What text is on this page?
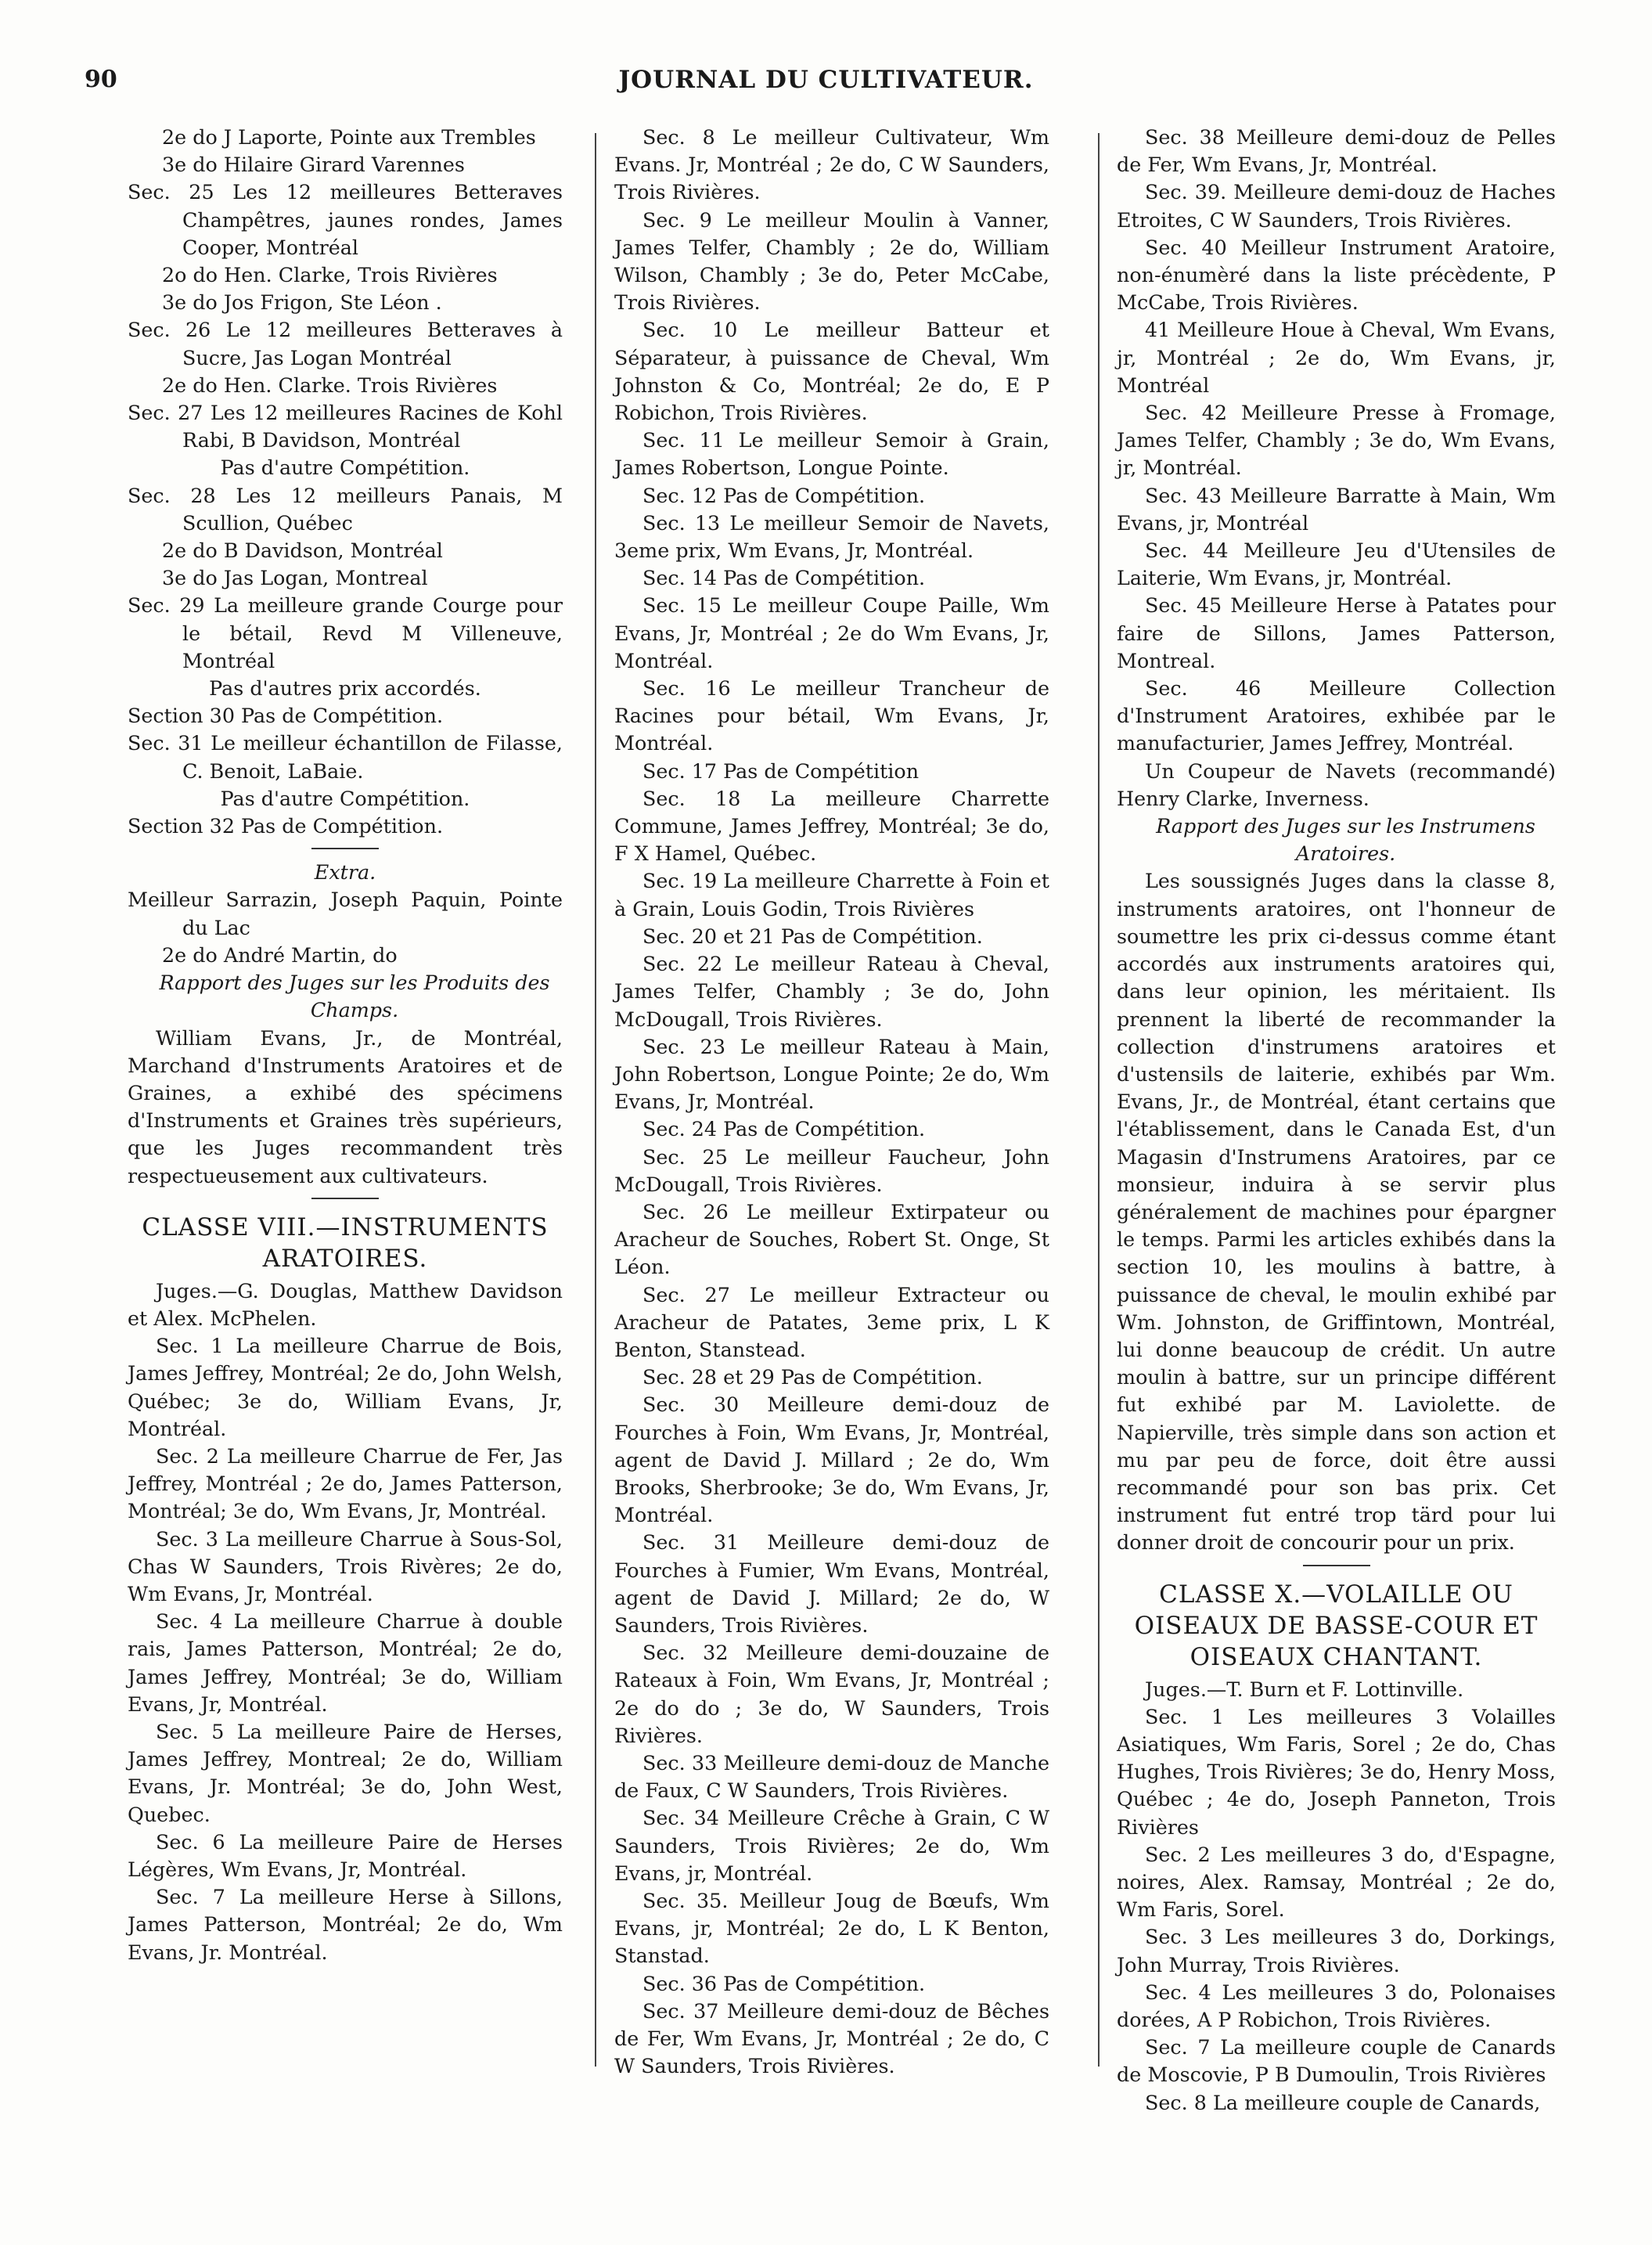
90	JOURNAL DU CULTIVATEUR.

2e do J Laporte, Pointe aux Trembles

3e do Hilaire Girard Varennes

Sec. 25 Les 12 meilleures Betteraves Champêtres, jaunes rondes, James Cooper, Montréal

2o do Hen. Clarke, Trois Rivières

3e do Jos Frigon, Ste Léon .

Sec. 26 Le 12 meilleures Betteraves à Sucre, Jas Logan Montréal

2e do Hen. Clarke. Trois Rivières

Sec. 27 Les 12 meilleures Racines de Kohl Rabi, B Davidson, Montréal

Pas d'autre Compétition.

Sec. 28 Les 12 meilleurs Panais, M Scullion, Québec

2e do B Davidson, Montréal

3e do Jas Logan, Montreal

Sec. 29 La meilleure grande Courge pour le bétail, Revd M Villeneuve, Montréal

Pas d'autres prix accordés.

Section 30 Pas de Compétition.

Sec. 31 Le meilleur échantillon de Filasse, C. Benoit, LaBaie.

Pas d'autre Compétition.

Section 32 Pas de Compétition.

Extra.

Meilleur Sarrazin, Joseph Paquin, Pointe du Lac

2e do André Martin, do

Rapport des Juges sur les Produits des Champs.

William Evans, Jr., de Montréal, Marchand d'Instruments Aratoires et de Graines, a exhibé des spécimens d'Instruments et Graines très supérieurs, que les Juges recommandent très respectueusement aux cultivateurs.

CLASSE VIII.—INSTRUMENTS ARATOIRES.

Juges.—G. Douglas, Matthew Davidson et Alex. McPhelen.

Sec. 1 La meilleure Charrue de Bois, James Jeffrey, Montréal; 2e do, John Welsh, Québec; 3e do, William Evans, Jr, Montréal.

Sec. 2 La meilleure Charrue de Fer, Jas Jeffrey, Montréal ; 2e do, James Patterson, Montréal; 3e do, Wm Evans, Jr, Montréal.

Sec. 3 La meilleure Charrue à Sous-Sol, Chas W Saunders, Trois Rivères; 2e do, Wm Evans, Jr, Montréal.

Sec. 4 La meilleure Charrue à double rais, James Patterson, Montréal; 2e do, James Jeffrey, Montréal; 3e do, William Evans, Jr, Montréal.

Sec. 5 La meilleure Paire de Herses, James Jeffrey, Montreal; 2e do, William Evans, Jr. Montréal; 3e do, John West, Quebec.

Sec. 6 La meilleure Paire de Herses Légères, Wm Evans, Jr, Montréal.

Sec. 7 La meilleure Herse à Sillons, James Patterson, Montréal; 2e do, Wm Evans, Jr. Montréal.

Sec. 8 Le meilleur Cultivateur, Wm Evans. Jr, Montréal ; 2e do, C W Saunders, Trois Rivières.

Sec. 9 Le meilleur Moulin à Vanner, James Telfer, Chambly ; 2e do, William Wilson, Chambly ; 3e do, Peter McCabe, Trois Rivières.

Sec. 10 Le meilleur Batteur et Séparateur, à puissance de Cheval, Wm Johnston & Co, Montréal; 2e do, E P Robichon, Trois Rivières.

Sec. 11 Le meilleur Semoir à Grain, James Robertson, Longue Pointe.

Sec. 12 Pas de Compétition.

Sec. 13 Le meilleur Semoir de Navets, 3eme prix, Wm Evans, Jr, Montréal.

Sec. 14 Pas de Compétition.

Sec. 15 Le meilleur Coupe Paille, Wm Evans, Jr, Montréal ; 2e do Wm Evans, Jr, Montréal.

Sec. 16 Le meilleur Trancheur de Racines pour bétail, Wm Evans, Jr, Montréal.

Sec. 17 Pas de Compétition

Sec. 18 La meilleure Charrette Commune, James Jeffrey, Montréal; 3e do, F X Hamel, Québec.

Sec. 19 La meilleure Charrette à Foin et à Grain, Louis Godin, Trois Rivières

Sec. 20 et 21 Pas de Compétition.

Sec. 22 Le meilleur Rateau à Cheval, James Telfer, Chambly ; 3e do, John McDougall, Trois Rivières.

Sec. 23 Le meilleur Rateau à Main, John Robertson, Longue Pointe; 2e do, Wm Evans, Jr, Montréal.

Sec. 24 Pas de Compétition.

Sec. 25 Le meilleur Faucheur, John McDougall, Trois Rivières.

Sec. 26 Le meilleur Extirpateur ou Aracheur de Souches, Robert St. Onge, St Léon.

Sec. 27 Le meilleur Extracteur ou Aracheur de Patates, 3eme prix, L K Benton, Stanstead.

Sec. 28 et 29 Pas de Compétition.

Sec. 30 Meilleure demi-douz de Fourches à Foin, Wm Evans, Jr, Montréal, agent de David J. Millard ; 2e do, Wm Brooks, Sherbrooke; 3e do, Wm Evans, Jr, Montréal.

Sec. 31 Meilleure demi-douz de Fourches à Fumier, Wm Evans, Montréal, agent de David J. Millard; 2e do, W Saunders, Trois Rivières.

Sec. 32 Meilleure demi-douzaine de Rateaux à Foin, Wm Evans, Jr, Montréal ; 2e do do ; 3e do, W Saunders, Trois Rivières.

Sec. 33 Meilleure demi-douz de Manche de Faux, C W Saunders, Trois Rivières.

Sec. 34 Meilleure Crêche à Grain, C W Saunders, Trois Rivières; 2e do, Wm Evans, jr, Montréal.

Sec. 35. Meilleur Joug de Bœufs, Wm Evans, jr, Montréal; 2e do, L K Benton, Stanstad.

Sec. 36 Pas de Compétition.

Sec. 37 Meilleure demi-douz de Bêches de Fer, Wm Evans, Jr, Montréal ; 2e do, C W Saunders, Trois Rivières.

Sec. 38 Meilleure demi-douz de Pelles de Fer, Wm Evans, Jr, Montréal.

Sec. 39. Meilleure demi-douz de Haches Etroites, C W Saunders, Trois Rivières.

Sec. 40 Meilleur Instrument Aratoire, non-énumèré dans la liste précèdente, P McCabe, Trois Rivières.

41 Meilleure Houe à Cheval, Wm Evans, jr, Montréal ; 2e do, Wm Evans, jr, Montréal

Sec. 42 Meilleure Presse à Fromage, James Telfer, Chambly ; 3e do, Wm Evans, jr, Montréal.

Sec. 43 Meilleure Barratte à Main, Wm Evans, jr, Montréal

Sec. 44 Meilleure Jeu d'Utensiles de Laiterie, Wm Evans, jr, Montréal.

Sec. 45 Meilleure Herse à Patates pour faire de Sillons, James Patterson, Montreal.

Sec. 46 Meilleure Collection d'Instrument Aratoires, exhibée par le manufacturier, James Jeffrey, Montréal.

Un Coupeur de Navets (recommandé) Henry Clarke, Inverness.

Rapport des Juges sur les Instrumens Aratoires.

Les soussignés Juges dans la classe 8, instruments aratoires, ont l'honneur de soumettre les prix ci-dessus comme étant accordés aux instruments aratoires qui, dans leur opinion, les méritaient. Ils prennent la liberté de recommander la collection d'instrumens aratoires et d'ustensils de laiterie, exhibés par Wm. Evans, Jr., de Montréal, étant certains que l'établissement, dans le Canada Est, d'un Magasin d'Instrumens Aratoires, par ce monsieur, induira à se servir plus généralement de machines pour épargner le temps. Parmi les articles exhibés dans la section 10, les moulins à battre, à puissance de cheval, le moulin exhibé par Wm. Johnston, de Griffintown, Montréal, lui donne beaucoup de crédit. Un autre moulin à battre, sur un principe différent fut exhibé par M. Laviolette. de Napierville, très simple dans son action et mu par peu de force, doit être aussi recommandé pour son bas prix. Cet instrument fut entré trop tärd pour lui donner droit de concourir pour un prix.

CLASSE X.—VOLAILLE OU OISEAUX DE BASSE-COUR ET OISEAUX CHANTANT.

Juges.—T. Burn et F. Lottinville.

Sec. 1 Les meilleures 3 Volailles Asiatiques, Wm Faris, Sorel ; 2e do, Chas Hughes, Trois Rivières; 3e do, Henry Moss, Québec ; 4e do, Joseph Panneton, Trois Rivières

Sec. 2 Les meilleures 3 do, d'Espagne, noires, Alex. Ramsay, Montréal ; 2e do, Wm Faris, Sorel.

Sec. 3 Les meilleures 3 do, Dorkings, John Murray, Trois Rivières.

Sec. 4 Les meilleures 3 do, Polonaises dorées, A P Robichon, Trois Rivières.

Sec. 7 La meilleure couple de Canards de Moscovie, P B Dumoulin, Trois Rivières

Sec. 8 La meilleure couple de Canards,
